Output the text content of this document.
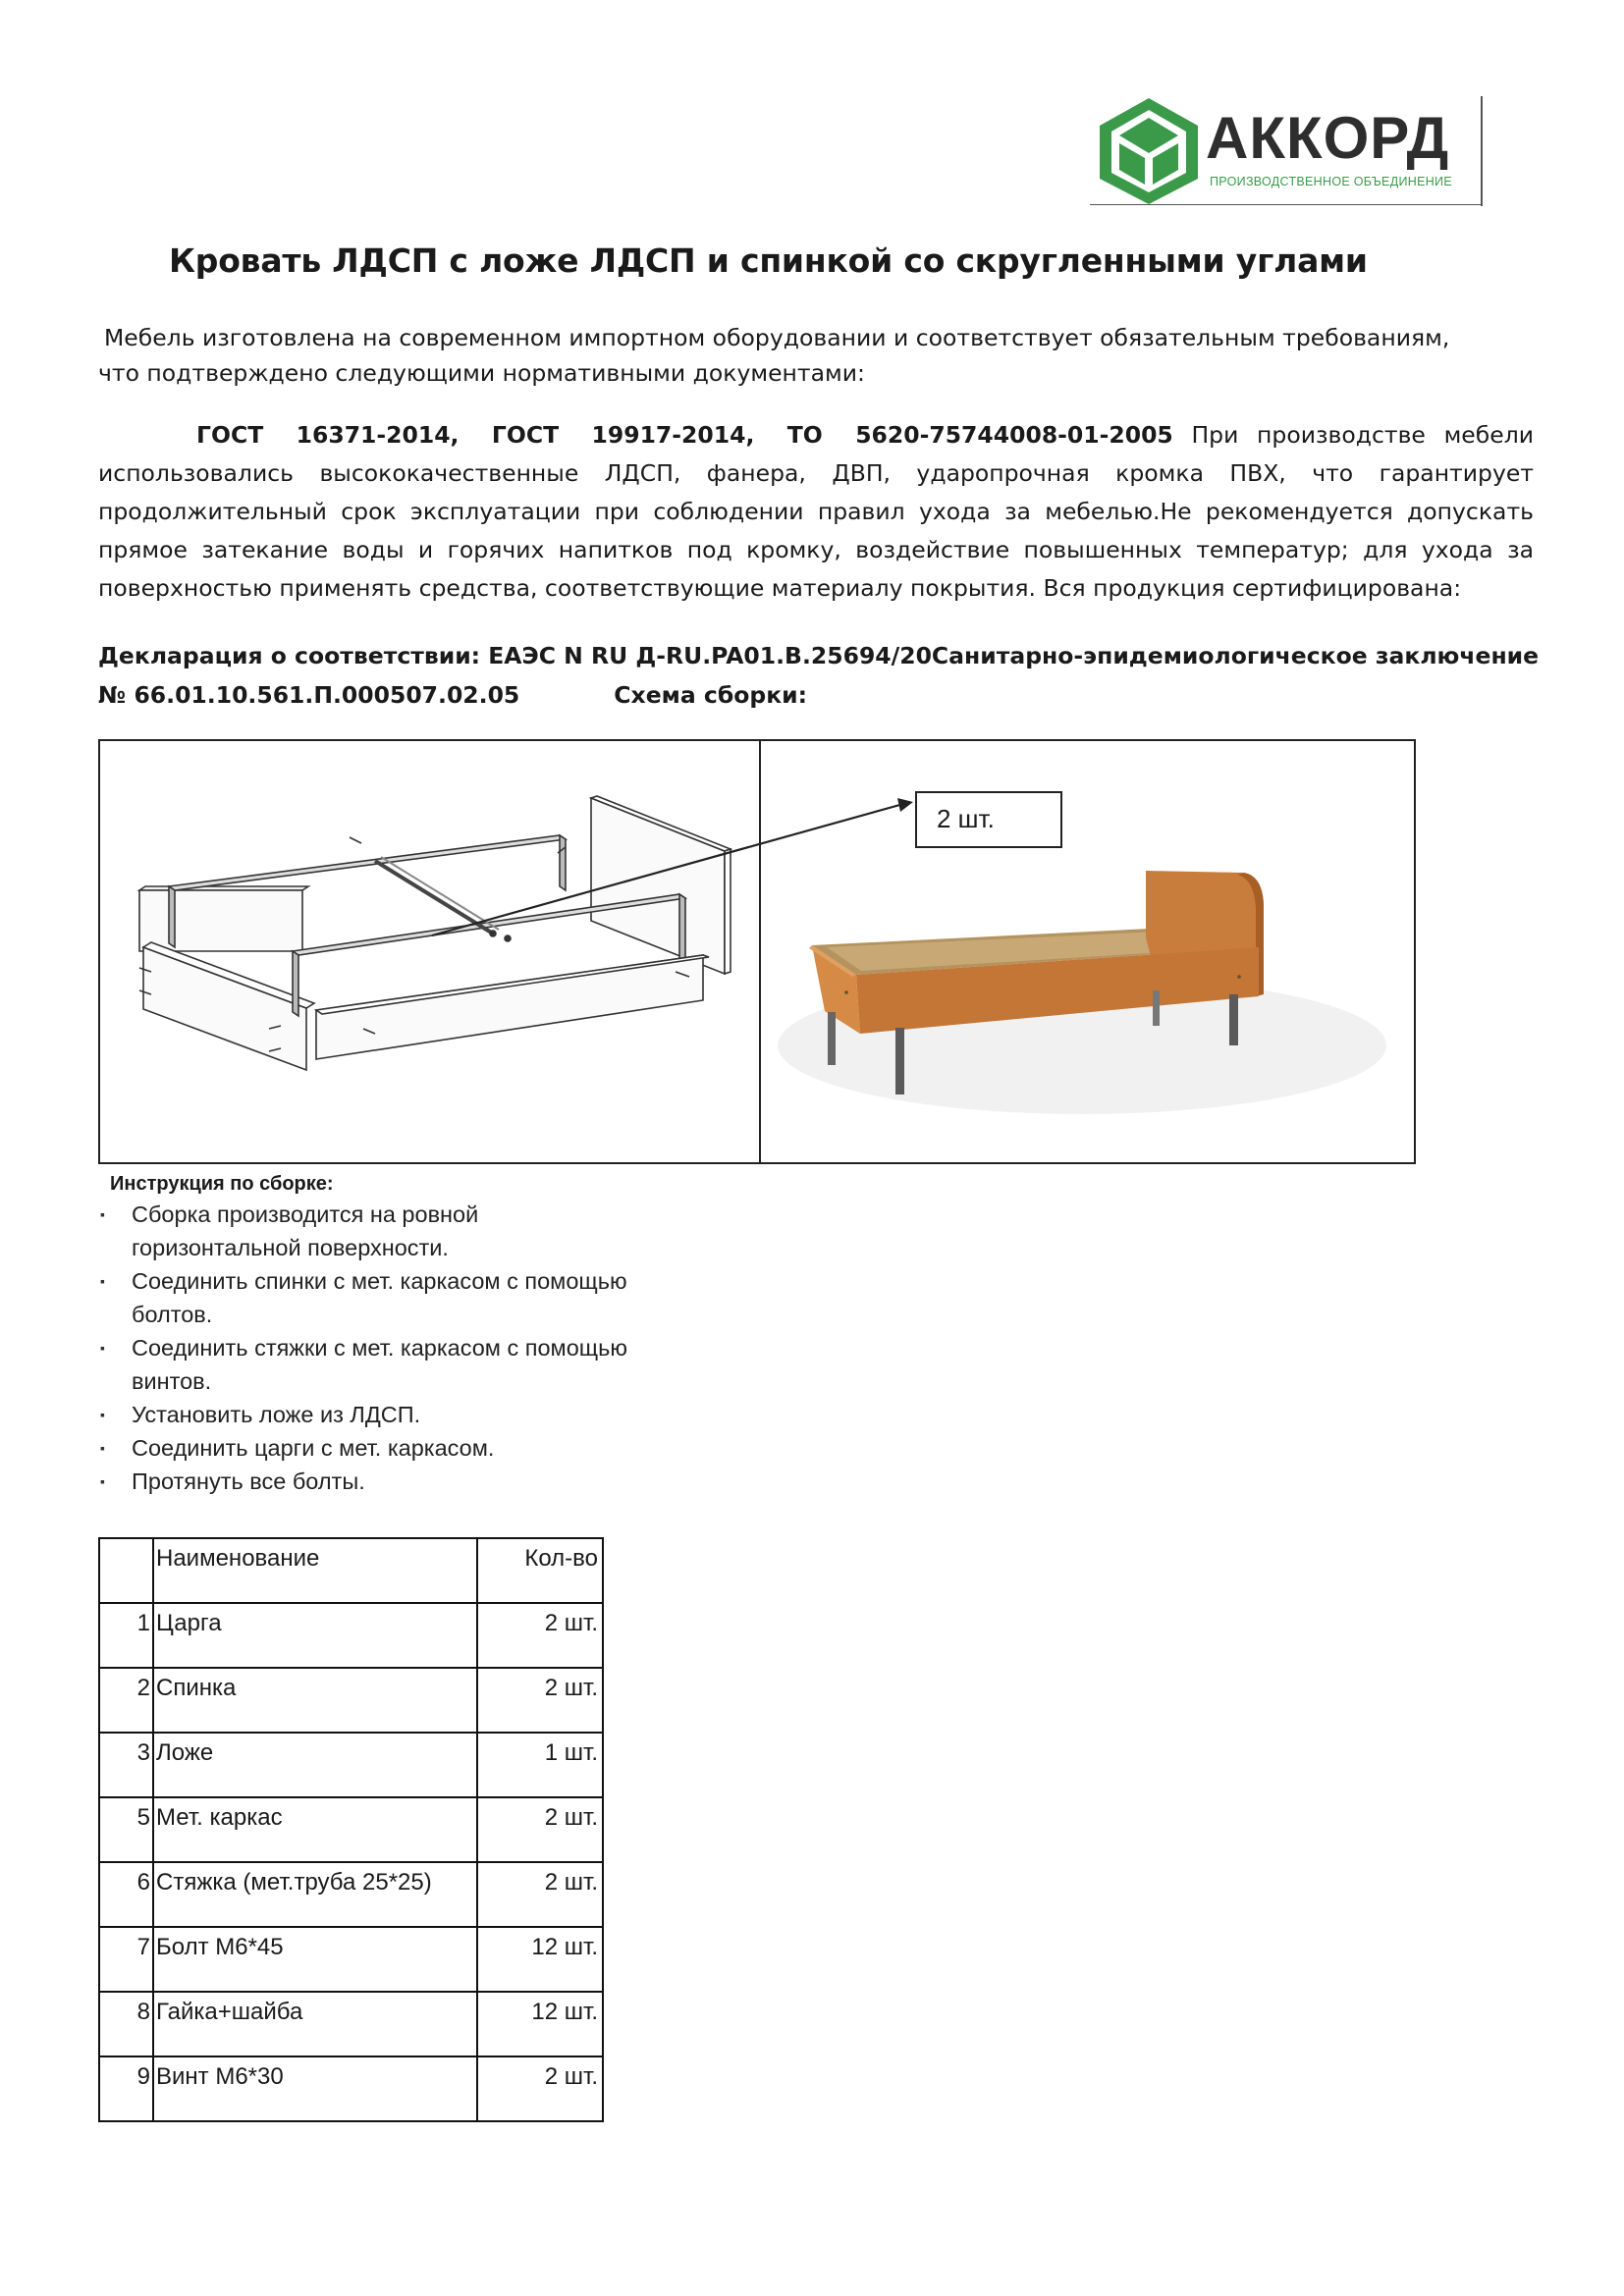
АККОРД
ПРОИЗВОДСТВЕННОЕ ОБЪЕДИНЕНИЕ
Кровать ЛДСП с ложе ЛДСП и спинкой со скругленными углами

Мебель изготовлена на современном импортном оборудовании и соответствует обязательным требованиям,

что подтверждено следующими нормативными документами:

ГОСТ 16371-2014, ГОСТ 19917-2014, ТО 5620-75744008-01-2005 При производстве мебели использовались высококачественные ЛДСП, фанера, ДВП, ударопрочная кромка ПВХ, что гарантирует продолжительный срок эксплуатации при соблюдении правил ухода за мебелью.Не рекомендуется допускать прямое затекание воды и горячих напитков под кромку, воздействие повышенных температур; для ухода за поверхностью применять средства, соответствующие материалу покрытия. Вся продукция сертифицирована:
Декларация о соответствии: ЕАЭС N RU Д-RU.PA01.B.25694/20Санитарно-эпидемиологическое заключение
№ 66.01.10.561.П.000507.02.05	Схема сборки:
2 шт.
Инструкция по сборке:
▪ Сборка производится на ровной
горизонтальной поверхности.
▪ Соединить спинки с мет. каркасом с помощью
болтов.
▪ Соединить стяжки с мет. каркасом с помощью
винтов.
▪ Установить ложе из ЛДСП.
▪ Соединить царги с мет. каркасом.
▪ Протянуть все болты.
	Наименование	Кол-во
1	Царга	2 шт.
2	Спинка	2 шт.
3	Ложе	1 шт.
5	Мет. каркас	2 шт.
6	Стяжка (мет.труба 25*25)	2 шт.
7	Болт М6*45	12 шт.
8	Гайка+шайба	12 шт.
9	Винт М6*30	2 шт.
